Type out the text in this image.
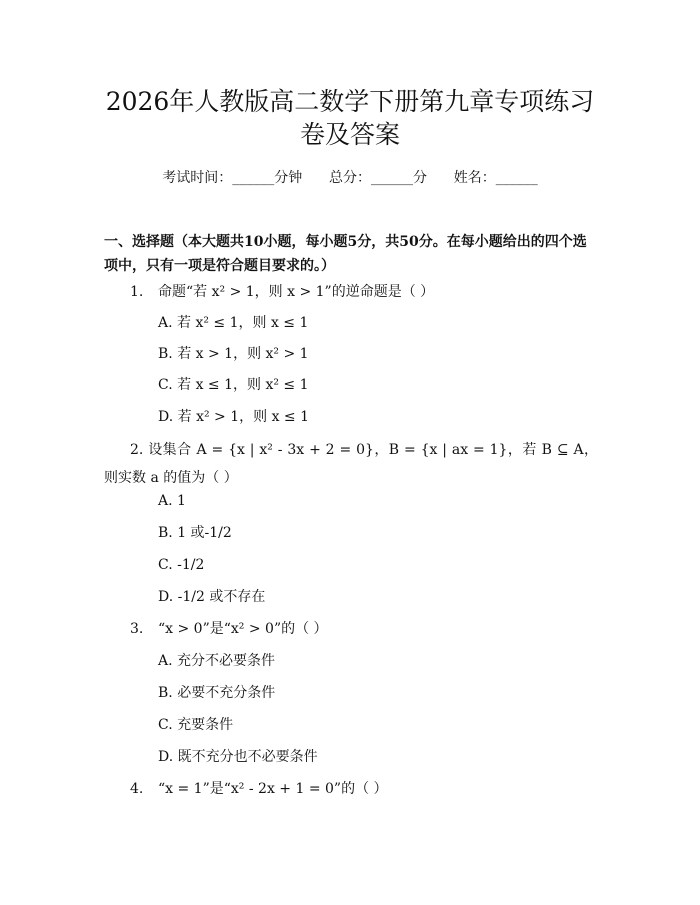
2026年人教版高二数学下册第九章专项练习
卷及答案
考试时间：______分钟      总分：______分      姓名：______
一、选择题（本大题共10小题，每小题5分，共50分。在每小题给出的四个选项中，只有一项是符合题目要求的。）
1. 命题“若 x² > 1，则 x > 1”的逆命题是（ ）
A. 若 x² ≤ 1，则 x ≤ 1
B. 若 x > 1，则 x² > 1
C. 若 x ≤ 1，则 x² ≤ 1
D. 若 x² > 1，则 x ≤ 1
2. 设集合 A = {x | x² - 3x + 2 = 0}，B = {x | ax = 1}，若 B ⊆ A，则实数 a 的值为（ ）
A. 1
B. 1 或-1/2
C. -1/2
D. -1/2 或不存在
3. “x > 0”是“x² > 0”的（ ）
A. 充分不必要条件
B. 必要不充分条件
C. 充要条件
D. 既不充分也不必要条件
4. “x = 1”是“x² - 2x + 1 = 0”的（ ）
